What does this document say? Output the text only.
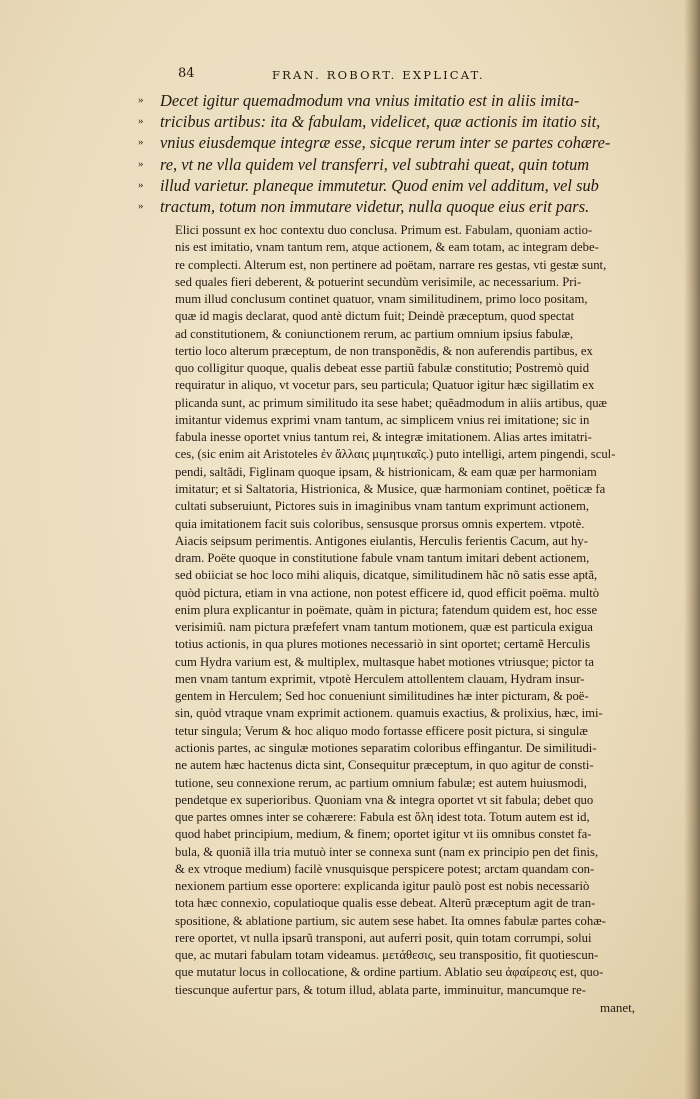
84	FRAN. ROBORT. EXPLICAT.
» Decet igitur quemadmodum vna vnius imitatio est in aliis imita-
» tricibus artibus: ita & fabulam, videlicet, quæ actionis im itatio sit,
» vnius eiusdemque integræ esse, sicque rerum inter se partes cohære-
» re, vt ne vlla quidem vel transferri, vel subtrahi queat, quin totum
» illud varietur. planeque immutetur. Quod enim vel additum, vel sub
» tractum, totum non immutare videtur, nulla quoque eius erit pars.
Elici possunt ex hoc contextu duo conclusa. Primum est. Fabulam, quoniam actio-
nis est imitatio, vnam tantum rem, atque actionem, & eam totam, ac integram debe-
re complecti. Alterum est, non pertinere ad poëtam, narrare res gestas, vti gestæ sunt,
sed quales fieri deberent, & potuerint secundùm verisimile, ac necessarium. Pri-
mum illud conclusum continet quatuor, vnam similitudinem, primo loco positam,
quæ id magis declarat, quod antè dictum fuit; Deindè præceptum, quod spectat
ad constitutionem, & coniunctionem rerum, ac partium omnium ipsius fabulæ,
tertio loco alterum præceptum, de non transponẽdis, & non auferendis partibus, ex
quo colligitur quoque, qualis debeat esse partiũ fabulæ constitutio; Postremò quid
requiratur in aliquo, vt vocetur pars, seu particula; Quatuor igitur hæc sigillatim ex
plicanda sunt, ac primum similitudo ita sese habet; quẽadmodum in aliis artibus, quæ
imitantur videmus exprimi vnam tantum, ac simplicem vnius rei imitatione; sic in
fabula inesse oportet vnius tantum rei, & integræ imitationem. Alias artes imitatri-
ces, (sic enim ait Aristoteles ἐν ἄλλαις μιμητικαῖς.) puto intelligi, artem pingendi, scul-
pendi, saltãdi, Figlinam quoque ipsam, & histrionicam, & eam quæ per harmoniam
imitatur; et si Saltatoria, Histrionica, & Musice, quæ harmoniam continet, poëticæ fa
cultati subseruiunt, Pictores suis in imaginibus vnam tantum exprimunt actionem,
quia imitationem facit suis coloribus, sensusque prorsus omnis expertem. vtpotè.
Aiacis seipsum perimentis. Antigones eiulantis, Herculis ferientis Cacum, aut hy-
dram. Poëte quoque in constitutione fabule vnam tantum imitari debent actionem,
sed obiiciat se hoc loco mihi aliquis, dicatque, similitudinem hãc nõ satis esse aptã,
quòd pictura, etiam in vna actione, non potest efficere id, quod efficit poëma. multò
enim plura explicantur in poëmate, quàm in pictura; fatendum quidem est, hoc esse
verisimiũ. nam pictura præfefert vnam tantum motionem, quæ est particula exigua
totius actionis, in qua plures motiones necessariò in sint oportet; certamẽ Herculis
cum Hydra varium est, & multiplex, multasque habet motiones vtriusque; pictor ta
men vnam tantum exprimit, vtpotè Herculem attollentem clauam, Hydram insur-
gentem in Herculem; Sed hoc conueniunt similitudines hæ inter picturam, & poë-
sin, quòd vtraque vnam exprimit actionem. quamuis exactius, & prolixius, hæc, imi-
tetur singula; Verum & hoc aliquo modo fortasse efficere posit pictura, si singulæ
actionis partes, ac singulæ motiones separatim coloribus effingantur. De similitudi-
ne autem hæc hactenus dicta sint, Consequitur præceptum, in quo agitur de consti-
tutione, seu connexione rerum, ac partium omnium fabulæ; est autem huiusmodi,
pendetque ex superioribus. Quoniam vna & integra oportet vt sit fabula; debet quo
que partes omnes inter se cohærere: Fabula est ὅλη idest tota. Totum autem est id,
quod habet principium, medium, & finem; oportet igitur vt iis omnibus constet fa-
bula, & quoniã illa tria mutuò inter se connexa sunt (nam ex principio pen det finis,
& ex vtroque medium) facilè vnusquisque perspicere potest; arctam quandam con-
nexionem partium esse oportere: explicanda igitur paulò post est nobis necessariò
tota hæc connexio, copulatioque qualis esse debeat. Alterũ præceptum agit de tran-
spositione, & ablatione partium, sic autem sese habet. Ita omnes fabulæ partes cohæ-
rere oportet, vt nulla ipsarũ transponi, aut auferri posit, quin totam corrumpi, solui
que, ac mutari fabulam totam videamus. μετάθεσις, seu transpositio, fit quotiescun-
que mutatur locus in collocatione, & ordine partium. Ablatio seu ἀφαίρεσις est, quo-
tiescunque aufertur pars, & totum illud, ablata parte, imminuitur, mancumque re-
manet,
